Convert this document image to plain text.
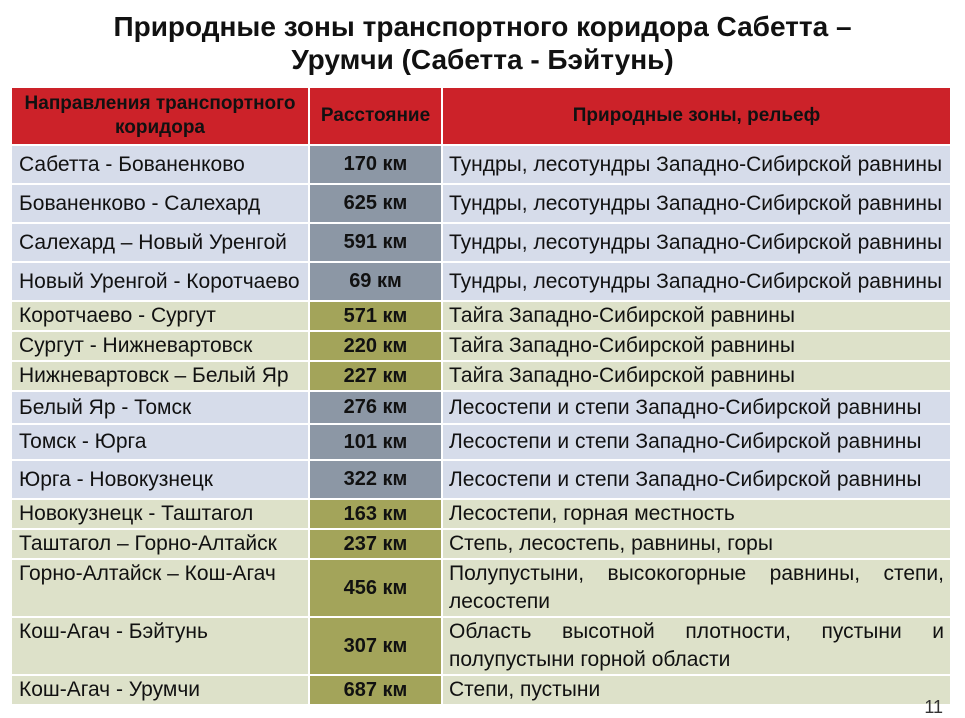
Природные зоны транспортного коридора Сабетта –
Урумчи (Сабетта - Бэйтунь)
Направления транспортного коридора	Расстояние	Природные зоны, рельеф
Сабетта - Бованенково	170 км	Тундры, лесотундры Западно-Сибирской равнины
Бованенково - Салехард	625 км	Тундры, лесотундры Западно-Сибирской равнины
Салехард – Новый Уренгой	591 км	Тундры, лесотундры Западно-Сибирской равнины
Новый Уренгой - Коротчаево	69 км	Тундры, лесотундры Западно-Сибирской равнины
Коротчаево - Сургут	571 км	Тайга Западно-Сибирской равнины
Сургут - Нижневартовск	220 км	Тайга Западно-Сибирской равнины
Нижневартовск – Белый Яр	227 км	Тайга Западно-Сибирской равнины
Белый Яр - Томск	276 км	Лесостепи и степи Западно-Сибирской равнины
Томск - Юрга	101 км	Лесостепи и степи Западно-Сибирской равнины
Юрга - Новокузнецк	322 км	Лесостепи и степи Западно-Сибирской равнины
Новокузнецк - Таштагол	163 км	Лесостепи, горная местность
Таштагол – Горно-Алтайск	237 км	Степь, лесостепь, равнины, горы
Горно-Алтайск – Кош-Агач	456 км	Полупустыни, высокогорные равнины, степи, лесостепи
Кош-Агач - Бэйтунь	307 км	Область высотной плотности, пустыни и полупустыни горной области
Кош-Агач - Урумчи	687 км	Степи, пустыни
11
